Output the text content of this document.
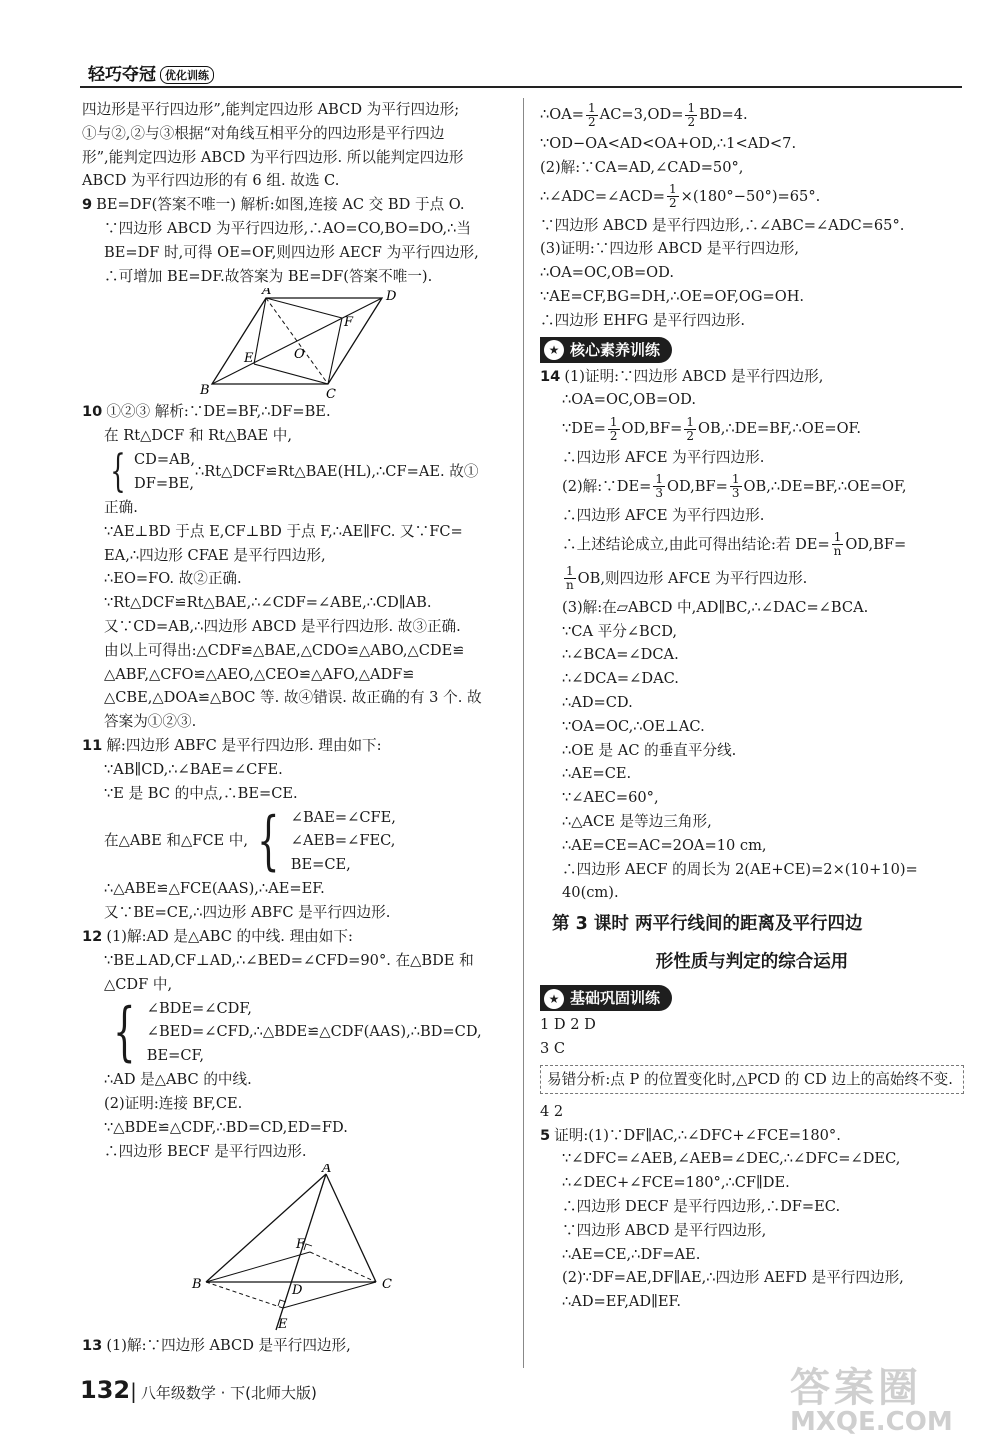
轻巧夺冠 优化训练
四边形是平行四边形”,能判定四边形 ABCD 为平行四边形;
①与②,②与③根据“对角线互相平分的四边形是平行四边
形”,能判定四边形 ABCD 为平行四边形. 所以能判定四边形
ABCD 为平行四边形的有 6 组. 故选 C.
9 BE=DF(答案不唯一) 解析:如图,连接 AC 交 BD 于点 O.
∵四边形 ABCD 为平行四边形,∴AO=CO,BO=DO,∴当
BE=DF 时,可得 OE=OF,则四边形 AECF 为平行四边形,
∴可增加 BE=DF.故答案为 BE=DF(答案不唯一).
A	D
B	C
E
F
O
10 ①②③ 解析:∵DE=BF,∴DF=BE.
在 Rt△DCF 和 Rt△BAE 中,
{ CD=AB,
DF=BE,
∴Rt△DCF≌Rt△BAE(HL),∴CF=AE. 故①
正确.
∵AE⊥BD 于点 E,CF⊥BD 于点 F,∴AE∥FC. 又∵FC=
EA,∴四边形 CFAE 是平行四边形,
∴EO=FO. 故②正确.
∵Rt△DCF≌Rt△BAE,∴∠CDF=∠ABE,∴CD∥AB.
又∵CD=AB,∴四边形 ABCD 是平行四边形. 故③正确.
由以上可得出:△CDF≌△BAE,△CDO≌△ABO,△CDE≌
△ABF,△CFO≌△AEO,△CEO≌△AFO,△ADF≌
△CBE,△DOA≌△BOC 等. 故④错误. 故正确的有 3 个. 故
答案为①②③.
11 解:四边形 ABFC 是平行四边形. 理由如下:
∵AB∥CD,∴∠BAE=∠CFE.
∵E 是 BC 的中点,∴BE=CE.
在△ABE 和△FCE 中, { ∠BAE=∠CFE,
∠AEB=∠FEC,
BE=CE,
∴△ABE≌△FCE(AAS),∴AE=EF.
又∵BE=CE,∴四边形 ABFC 是平行四边形.
12 (1)解:AD 是△ABC 的中线. 理由如下:
∵BE⊥AD,CF⊥AD,∴∠BED=∠CFD=90°. 在△BDE 和
△CDF 中,
{ ∠BDE=∠CDF,
∠BED=∠CFD,∴△BDE≌△CDF(AAS),∴BD=CD,
BE=CF,
∴AD 是△ABC 的中线.
(2)证明:连接 BF,CE.
∵△BDE≌△CDF,∴BD=CD,ED=FD.
∴四边形 BECF 是平行四边形.
A
B	C
D
E
F
13 (1)解:∵四边形 ABCD 是平行四边形,
∴OA= $\frac{1}{2} AC=3,OD= \frac{1}{2} BD=4$.
∵OD−OA<AD<OA+OD,∴1<AD<7.
(2)解:∵CA=AD,∠CAD=50°,
∴∠ADC=∠ACD= $\frac{1}{2} \times(180^\circ-50^\circ)=65^\circ$.
∵四边形 ABCD 是平行四边形,∴∠ABC=∠ADC=65°.
(3)证明:∵四边形 ABCD 是平行四边形,
∴OA=OC,OB=OD.
∵AE=CF,BG=DH,∴OE=OF,OG=OH.
∴四边形 EHFG 是平行四边形.
★ 核心素养训练
14 (1)证明:∵四边形 ABCD 是平行四边形,
∴OA=OC,OB=OD.
∵DE= $\frac{1}{2} OD,BF= \frac{1}{2}$ OB,∴DE=BF,∴OE=OF.
∴四边形 AFCE 为平行四边形.
(2)解:∵DE= $\frac{1}{3} OD,BF= \frac{1}{3}$ OB,∴DE=BF,∴OE=OF,
∴四边形 AFCE 为平行四边形.
∴上述结论成立,由此可得出结论:若 $DE= \frac{1}{n} OD,BF=$
$\frac{1}{n}$ OB,则四边形 AFCE 为平行四边形.
(3)解:在▱ABCD 中,AD∥BC,∴∠DAC=∠BCA.
∵CA 平分∠BCD,
∴∠BCA=∠DCA.
∴∠DCA=∠DAC.
∴AD=CD.
∵OA=OC,∴OE⊥AC.
∴OE 是 AC 的垂直平分线.
∴AE=CE.
∵∠AEC=60°,
∴△ACE 是等边三角形,
∴AE=CE=AC=2OA=10 cm,
∴四边形 AECF 的周长为 2(AE+CE)=2×(10+10)=
40(cm).
第 3 课时 两平行线间的距离及平行四边
形性质与判定的综合运用
★ 基础巩固训练
1 D 2 D
3 C
易错分析:点 P 的位置变化时,△PCD 的 CD 边上的高始终不变.
4 2
5 证明:(1)∵DF∥AC,∴∠DFC+∠FCE=180°.
∵∠DFC=∠AEB,∠AEB=∠DEC,∴∠DFC=∠DEC,
∴∠DEC+∠FCE=180°,∴CF∥DE.
∴四边形 DECF 是平行四边形,∴DF=EC.
∵四边形 ABCD 是平行四边形,
∴AE=CE,∴DF=AE.
(2)∵DF=AE,DF∥AE,∴四边形 AEFD 是平行四边形,
∴AD=EF,AD∥EF.
132| 八年级数学 · 下(北师大版)	答案圈
MXQE.COM
